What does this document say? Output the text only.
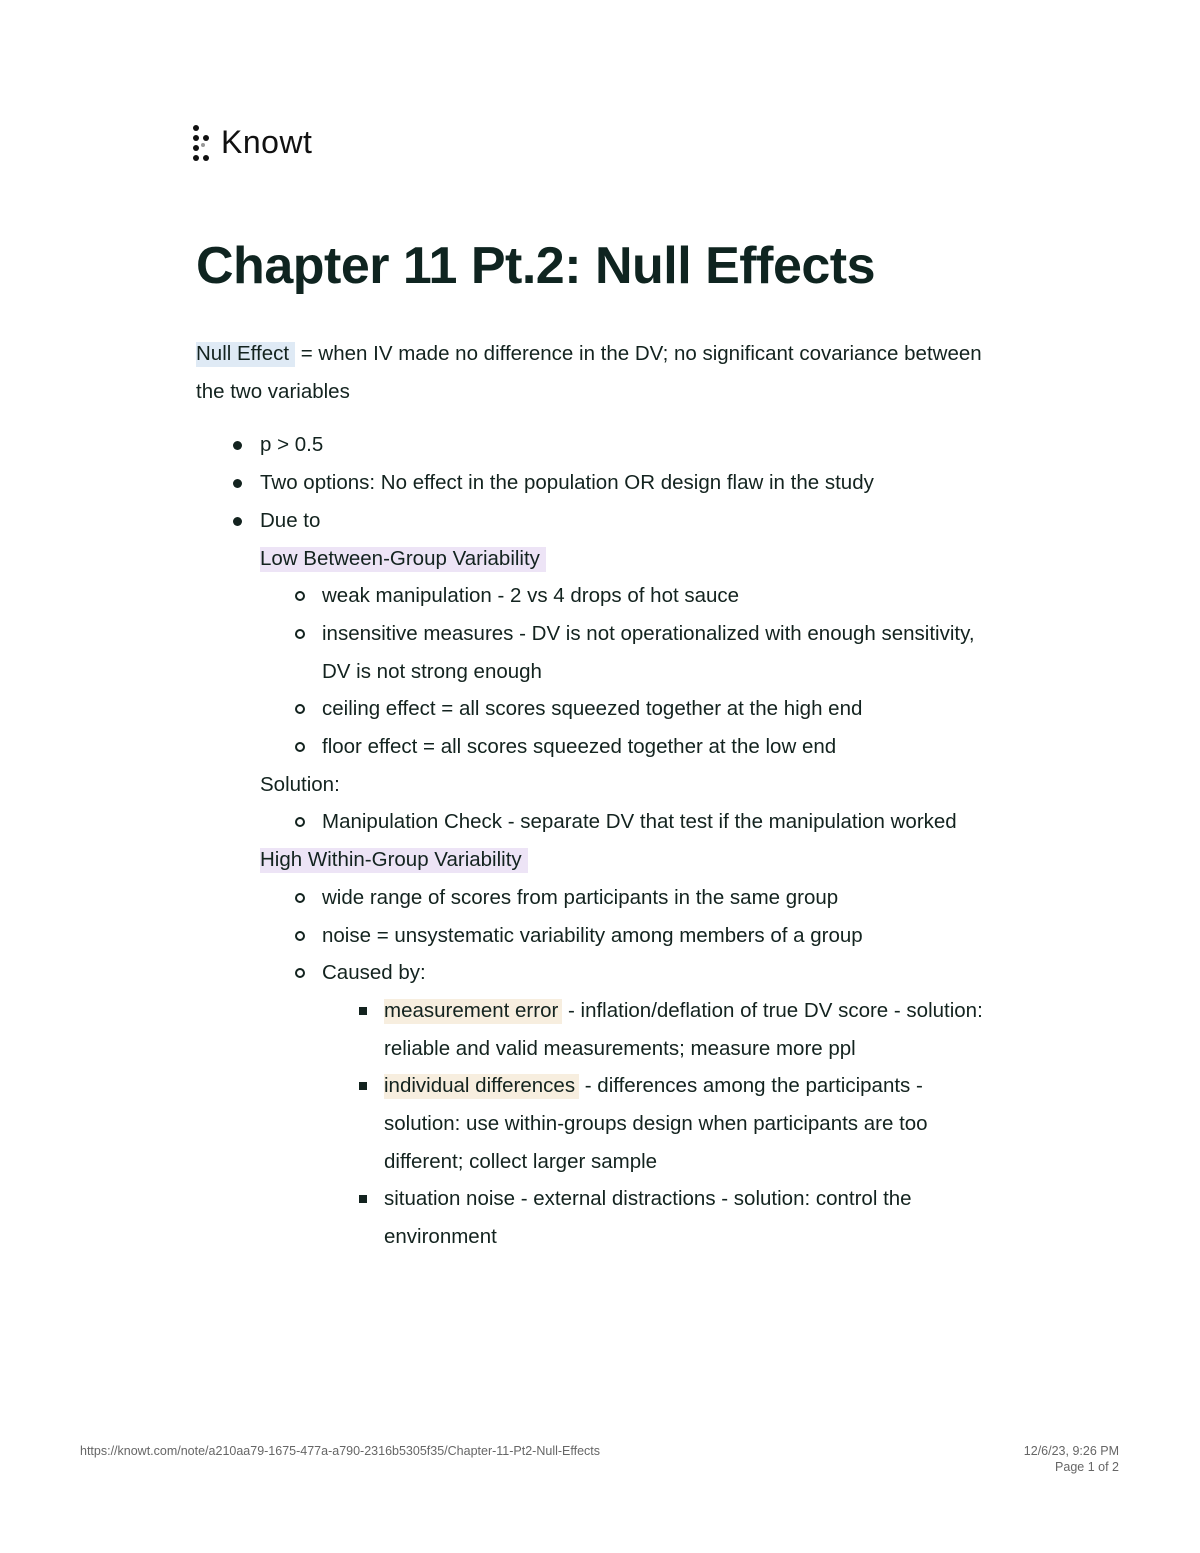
Knowt
Chapter 11 Pt.2: Null Effects

Null Effect = when IV made no difference in the DV; no significant covariance between the two variables

p > 0.5
Two options: No effect in the population OR design flaw in the study
Due to
Low Between-Group Variability
weak manipulation - 2 vs 4 drops of hot sauce
insensitive measures - DV is not operationalized with enough sensitivity, DV is not strong enough
ceiling effect = all scores squeezed together at the high end
floor effect = all scores squeezed together at the low end
Solution:
Manipulation Check - separate DV that test if the manipulation worked
High Within-Group Variability
wide range of scores from participants in the same group
noise = unsystematic variability among members of a group
Caused by:
measurement error - inflation/deflation of true DV score - solution: reliable and valid measurements; measure more ppl
individual differences - differences among the participants - solution: use within-groups design when participants are too different; collect larger sample
situation noise - external distractions - solution: control the environment
https://knowt.com/note/a210aa79-1675-477a-a790-2316b5305f35/Chapter-11-Pt2-Null-Effects	12/6/23, 9:26 PM
Page 1 of 2
